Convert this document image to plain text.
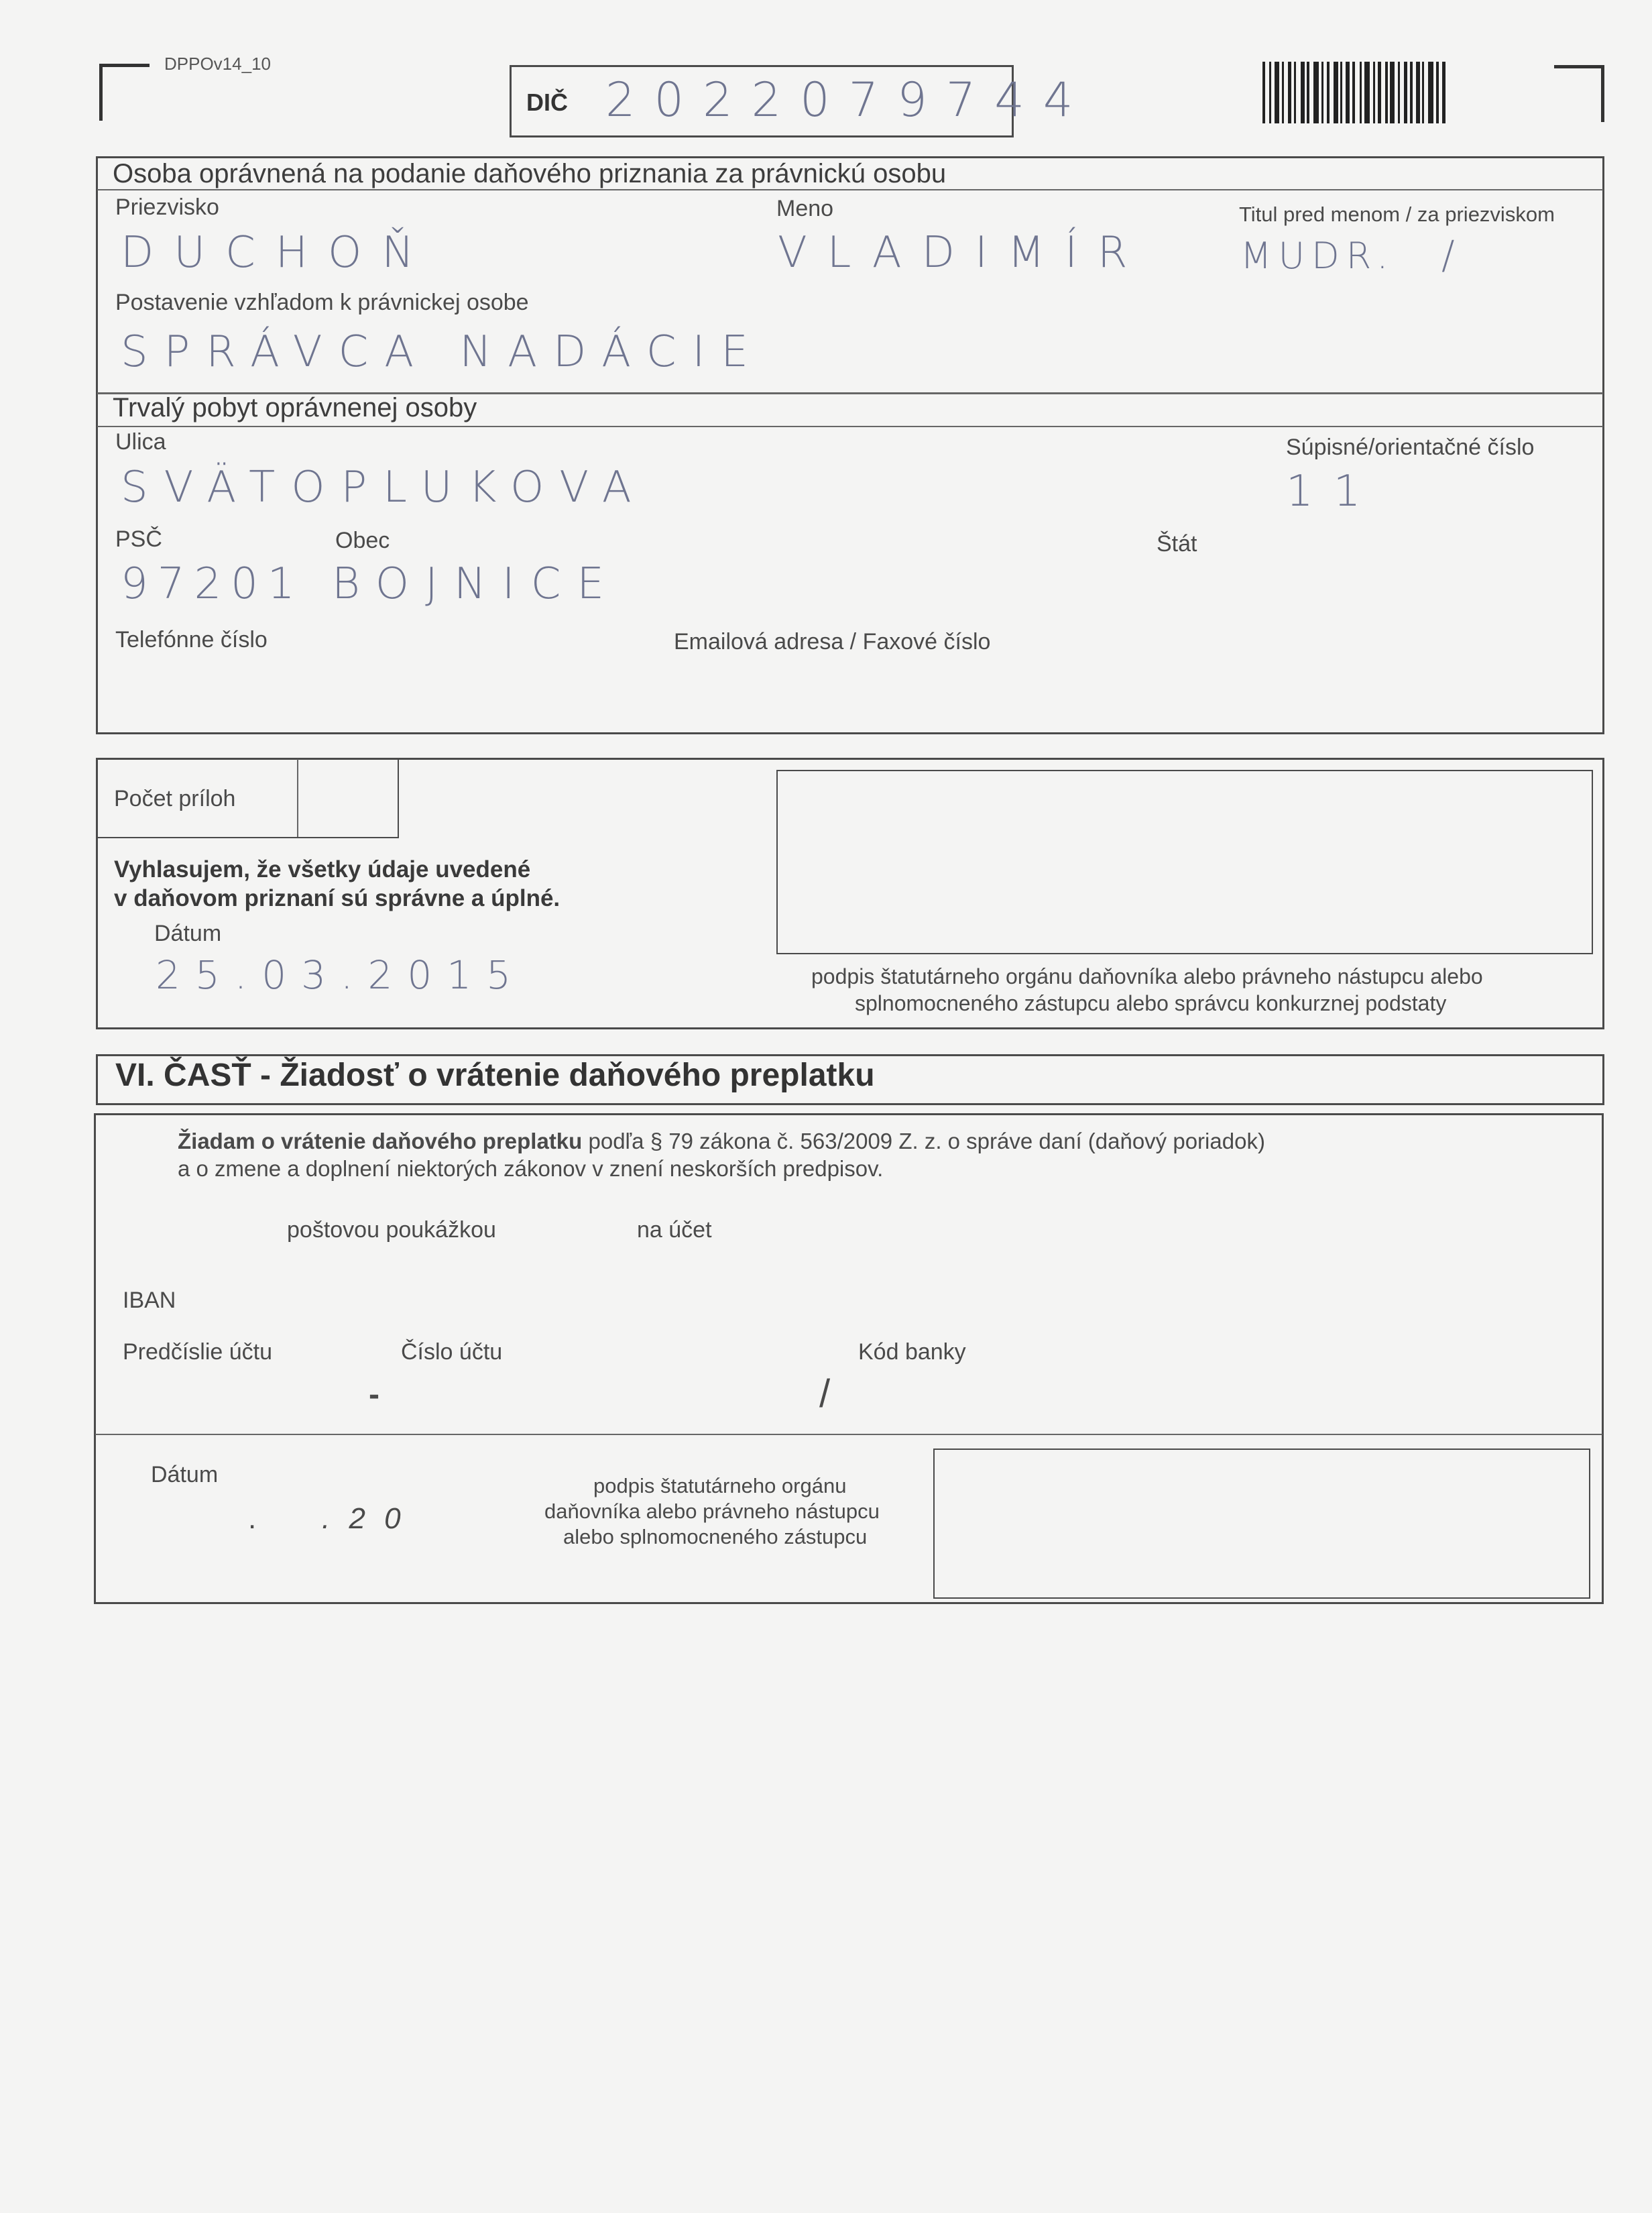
DPPOv14_10
DIČ 2022079744
Osoba oprávnená na podanie daňového priznania za právnickú osobu
Priezvisko
DUCHOŇ
Meno
VLADIMÍR
Titul pred menom / za priezviskom
MUDR. /
Postavenie vzhľadom k právnickej osobe
SPRÁVCA NADÁCIE
Trvalý pobyt oprávnenej osoby
Ulica
SVÄTOPLUKOVA
Súpisné/orientačné číslo
11
PSČ
97201
Obec
BOJNICE
Štát
Telefónne číslo	Emailová adresa / Faxové číslo
Počet príloh
Vyhlasujem, že všetky údaje uvedené
v daňovom priznaní sú správne a úplné.
Dátum
25.03.2015	podpis štatutárneho orgánu daňovníka alebo právneho nástupcu alebo
splnomocneného zástupcu alebo správcu konkurznej podstaty
VI. ČASŤ - Žiadosť o vrátenie daňového preplatku
Žiadam o vrátenie daňového preplatku podľa § 79 zákona č. 563/2009 Z. z. o správe daní (daňový poriadok)
a o zmene a doplnení niektorých zákonov v znení neskorších predpisov.
poštovou poukážkou	na účet
IBAN
Predčíslie účtu	Číslo účtu	Kód banky
-	/
Dátum
. . 2 0
podpis štatutárneho orgánu
daňovníka alebo právneho nástupcu
alebo splnomocneného zástupcu
